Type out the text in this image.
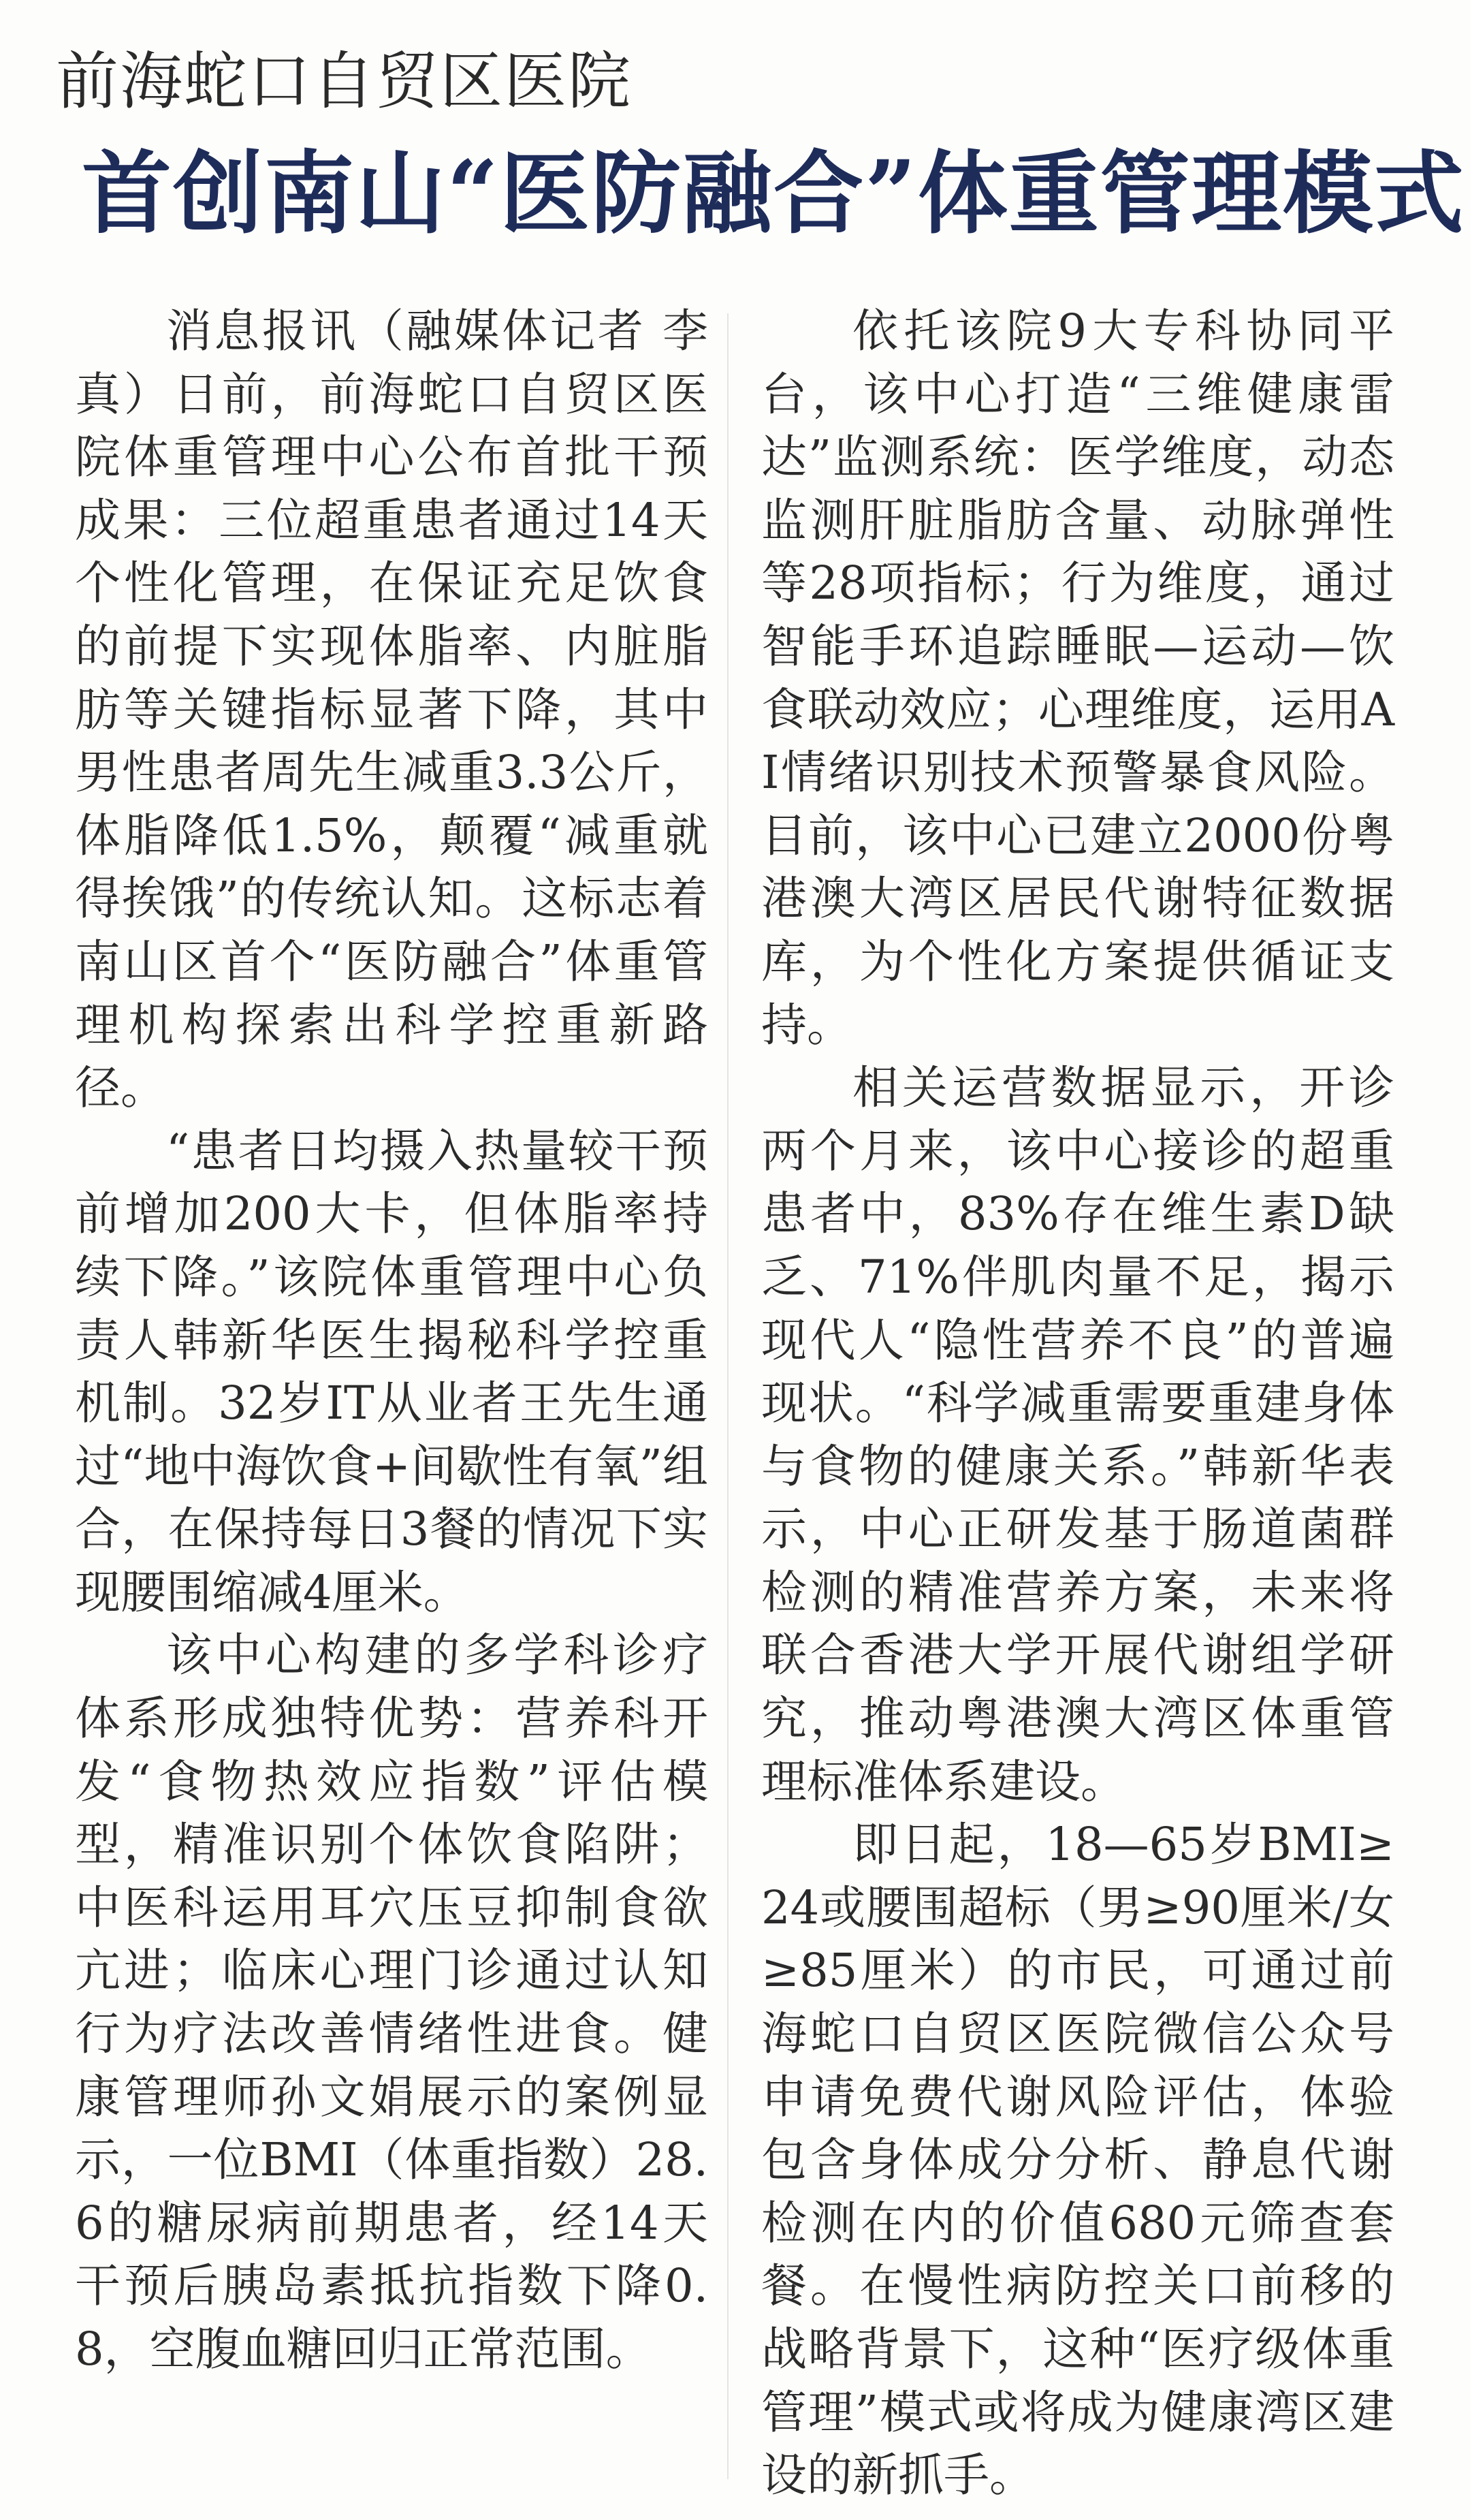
前海蛇口自贸区医院
首创南山“医防融合”体重管理模式

消息报讯（融媒体记者 李真）日前，前海蛇口自贸区医院体重管理中心公布首批干预成果：三位超重患者通过14天个性化管理，在保证充足饮食的前提下实现体脂率、内脏脂肪等关键指标显著下降，其中男性患者周先生减重3.3公斤，体脂降低1.5%，颠覆“减重就得挨饿”的传统认知。这标志着南山区首个“医防融合”体重管理机构探索出科学控重新路径。

“患者日均摄入热量较干预前增加200大卡，但体脂率持续下降。”该院体重管理中心负责人韩新华医生揭秘科学控重机制。32岁IT从业者王先生通过“地中海饮食+间歇性有氧”组合，在保持每日3餐的情况下实现腰围缩减4厘米。

该中心构建的多学科诊疗体系形成独特优势：营养科开发“食物热效应指数”评估模型，精准识别个体饮食陷阱；中医科运用耳穴压豆抑制食欲亢进；临床心理门诊通过认知行为疗法改善情绪性进食。健康管理师孙文娟展示的案例显示，一位BMI（体重指数）28.6的糖尿病前期患者，经14天干预后胰岛素抵抗指数下降0.8，空腹血糖回归正常范围。

依托该院9大专科协同平台，该中心打造“三维健康雷达”监测系统：医学维度，动态监测肝脏脂肪含量、动脉弹性等28项指标；行为维度，通过智能手环追踪睡眠—运动—饮食联动效应；心理维度，运用AI情绪识别技术预警暴食风险。目前，该中心已建立2000份粤港澳大湾区居民代谢特征数据库，为个性化方案提供循证支持。

相关运营数据显示，开诊两个月来，该中心接诊的超重患者中，83%存在维生素D缺乏、71%伴肌肉量不足，揭示现代人“隐性营养不良”的普遍现状。“科学减重需要重建身体与食物的健康关系。”韩新华表示，中心正研发基于肠道菌群检测的精准营养方案，未来将联合香港大学开展代谢组学研究，推动粤港澳大湾区体重管理标准体系建设。

即日起，18—65岁BMI≥24或腰围超标（男≥90厘米/女≥85厘米）的市民，可通过前海蛇口自贸区医院微信公众号申请免费代谢风险评估，体验包含身体成分分析、静息代谢检测在内的价值680元筛查套餐。在慢性病防控关口前移的战略背景下，这种“医疗级体重管理”模式或将成为健康湾区建设的新抓手。
